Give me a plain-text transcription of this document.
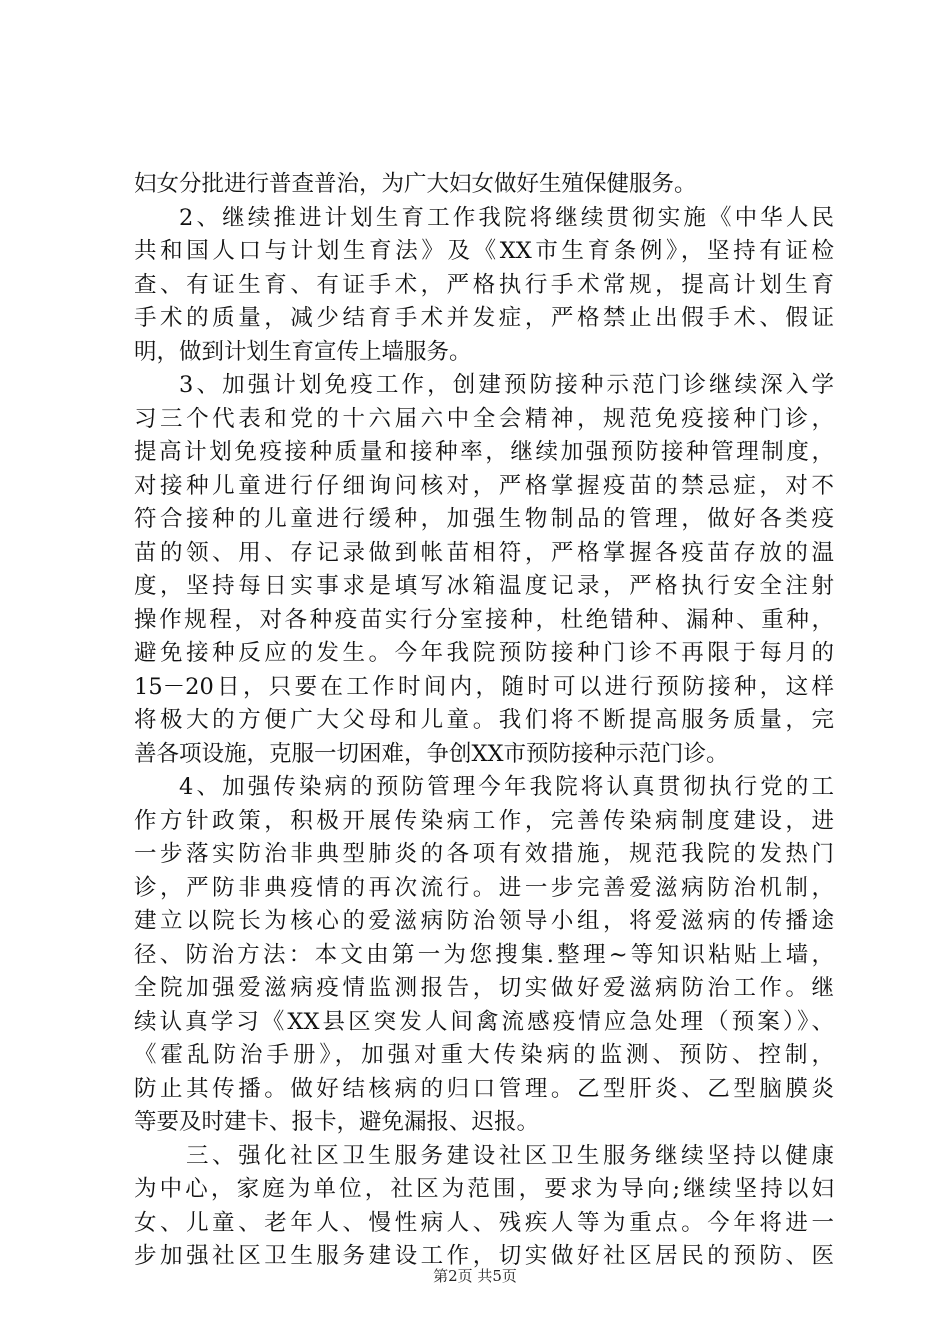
妇女分批进行普查普治，为广大妇女做好生殖保健服务。
2、继续推进计划生育工作我院将继续贯彻实施《中华人民
共和国人口与计划生育法》及《XX市生育条例》，坚持有证检
查、有证生育、有证手术，严格执行手术常规，提高计划生育
手术的质量，减少结育手术并发症，严格禁止出假手术、假证
明，做到计划生育宣传上墙服务。
3、加强计划免疫工作，创建预防接种示范门诊继续深入学
习三个代表和党的十六届六中全会精神，规范免疫接种门诊，
提高计划免疫接种质量和接种率，继续加强预防接种管理制度，
对接种儿童进行仔细询问核对，严格掌握疫苗的禁忌症，对不
符合接种的儿童进行缓种，加强生物制品的管理，做好各类疫
苗的领、用、存记录做到帐苗相符，严格掌握各疫苗存放的温
度，坚持每日实事求是填写冰箱温度记录，严格执行安全注射
操作规程，对各种疫苗实行分室接种，杜绝错种、漏种、重种，
避免接种反应的发生。今年我院预防接种门诊不再限于每月的
15－20日，只要在工作时间内，随时可以进行预防接种，这样
将极大的方便广大父母和儿童。我们将不断提高服务质量，完
善各项设施，克服一切困难，争创XX市预防接种示范门诊。
4、加强传染病的预防管理今年我院将认真贯彻执行党的工
作方针政策，积极开展传染病工作，完善传染病制度建设，进
一步落实防治非典型肺炎的各项有效措施，规范我院的发热门
诊，严防非典疫情的再次流行。进一步完善爱滋病防治机制，
建立以院长为核心的爱滋病防治领导小组，将爱滋病的传播途
径、防治方法：本文由第一为您搜集.整理~等知识粘贴上墙，
全院加强爱滋病疫情监测报告，切实做好爱滋病防治工作。继
续认真学习《XX县区突发人间禽流感疫情应急处理（预案）》、
《霍乱防治手册》，加强对重大传染病的监测、预防、控制，
防止其传播。做好结核病的归口管理。乙型肝炎、乙型脑膜炎
等要及时建卡、报卡，避免漏报、迟报。
三、强化社区卫生服务建设社区卫生服务继续坚持以健康
为中心，家庭为单位，社区为范围，要求为导向;继续坚持以妇
女、儿童、老年人、慢性病人、残疾人等为重点。今年将进一
步加强社区卫生服务建设工作，切实做好社区居民的预防、医
第2页 共5页
